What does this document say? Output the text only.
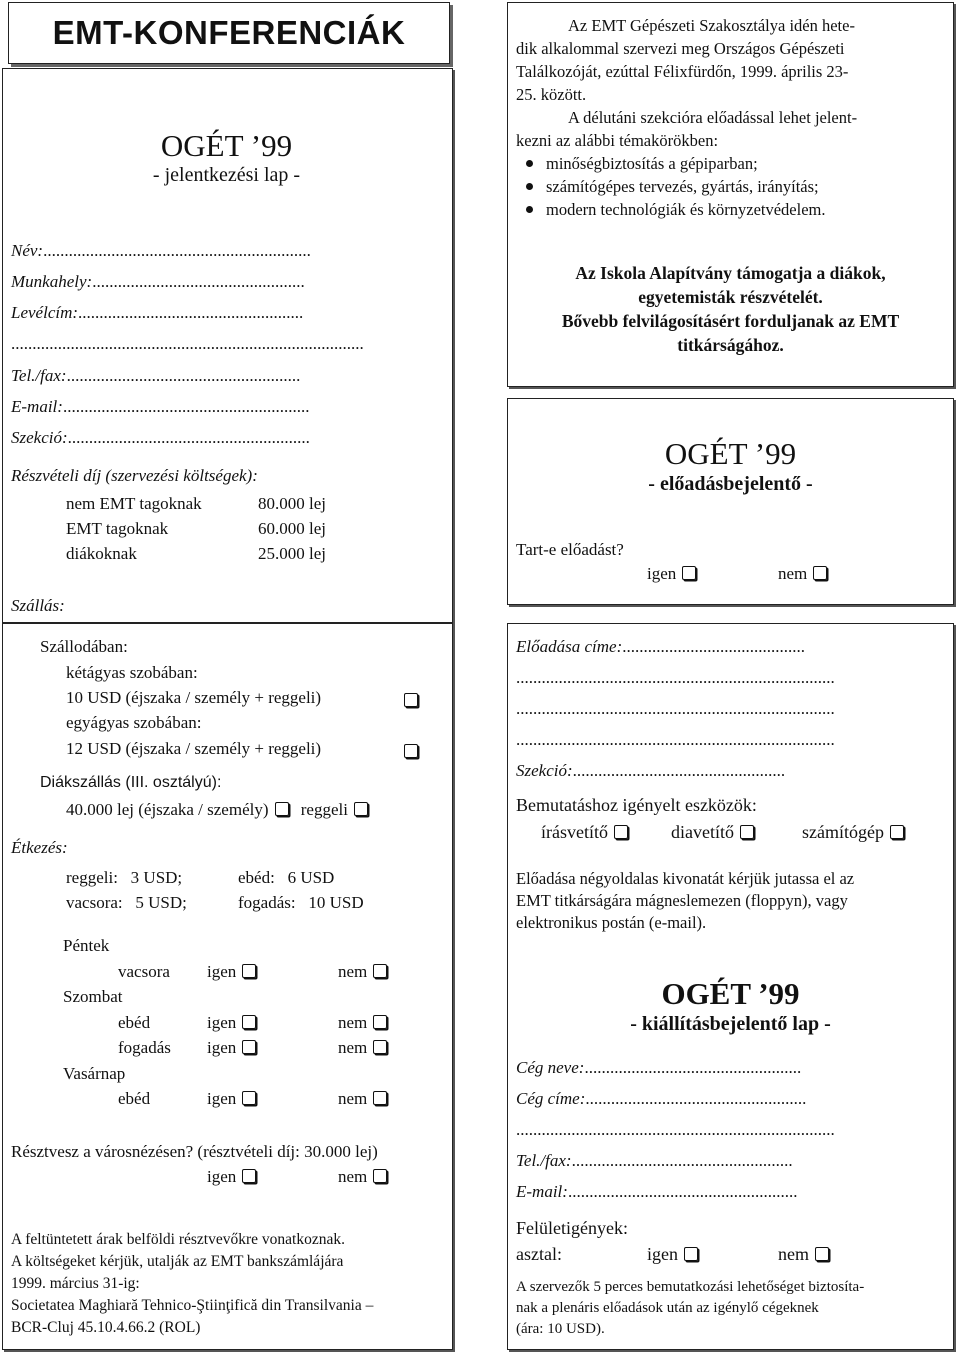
EMT-KONFERENCIÁK
OGÉT ’99
- jelentkezési lap -
Név:...............................................................
Munkahely:..................................................
Levélcím:.....................................................
...................................................................................
Tel./fax:.......................................................
E-mail:..........................................................
Szekció:.........................................................
Részvételi díj (szervezési költségek):
nem EMT tagoknak	80.000 lej
EMT tagoknak	60.000 lej
diákoknak	25.000 lej
Szállás:
Szállodában:
kétágyas szobában:
10 USD (éjszaka / személy + reggeli)
egyágyas szobában:
12 USD (éjszaka / személy + reggeli)
Diákszállás (III. osztályú):
40.000 lej (éjszaka / személy) reggeli
Étkezés:
reggeli:   3 USD;	ebéd:   6 USD
vacsora:   5 USD;	fogadás:   10 USD
Péntek
vacsora igen	nem
Szombat
ebéd	igen	nem
fogadás igen	nem
Vasárnap
ebéd	igen	nem
Résztvesz a városnézésen? (résztvételi díj: 30.000 lej)
igen	nem
A feltüntetett árak belföldi résztvevőkre vonatkoznak.
A költségeket kérjük, utalják az EMT bankszámlájára
1999. március 31-ig:
Societatea Maghiară Tehnico-Ştiinţifică din Transilvania –
BCR-Cluj 45.10.4.66.2 (ROL)
Az EMT Gépészeti Szakosztálya idén hete-
dik alkalommal szervezi meg Országos Gépészeti
Találkozóját, ezúttal Félixfürdőn, 1999. április 23-
25. között.
A délutáni szekcióra előadással lehet jelent-
kezni az alábbi témakörökben:
minőségbiztosítás a gépiparban;
számítógépes tervezés, gyártás, irányítás;
modern technológiák és környzetvédelem.
Az Iskola Alapítvány támogatja a diákok,
egyetemisták részvételét.
Bővebb felvilágosításért forduljanak az EMT
titkárságához.
OGÉT ’99
- előadásbejelentő -
Tart-e előadást?
igen	nem
Előadása címe:...........................................
...........................................................................
...........................................................................
...........................................................................
Szekció:..................................................
Bemutatáshoz igényelt eszközök:
írásvetítő	diavetítő	számítógép
Előadása négyoldalas kivonatát kérjük jutassa el az
EMT titkárságára mágneslemezen (floppyn), vagy
elektronikus postán (e-mail).
OGÉT ’99
- kiállításbejelentő lap -
Cég neve:...................................................
Cég címe:....................................................
...........................................................................
Tel./fax:....................................................
E-mail:......................................................
Felületigények:
asztal:	igen	nem
A szervezők 5 perces bemutatkozási lehetőséget biztosíta-
nak a plenáris előadások után az igénylő cégeknek
(ára: 10 USD).
